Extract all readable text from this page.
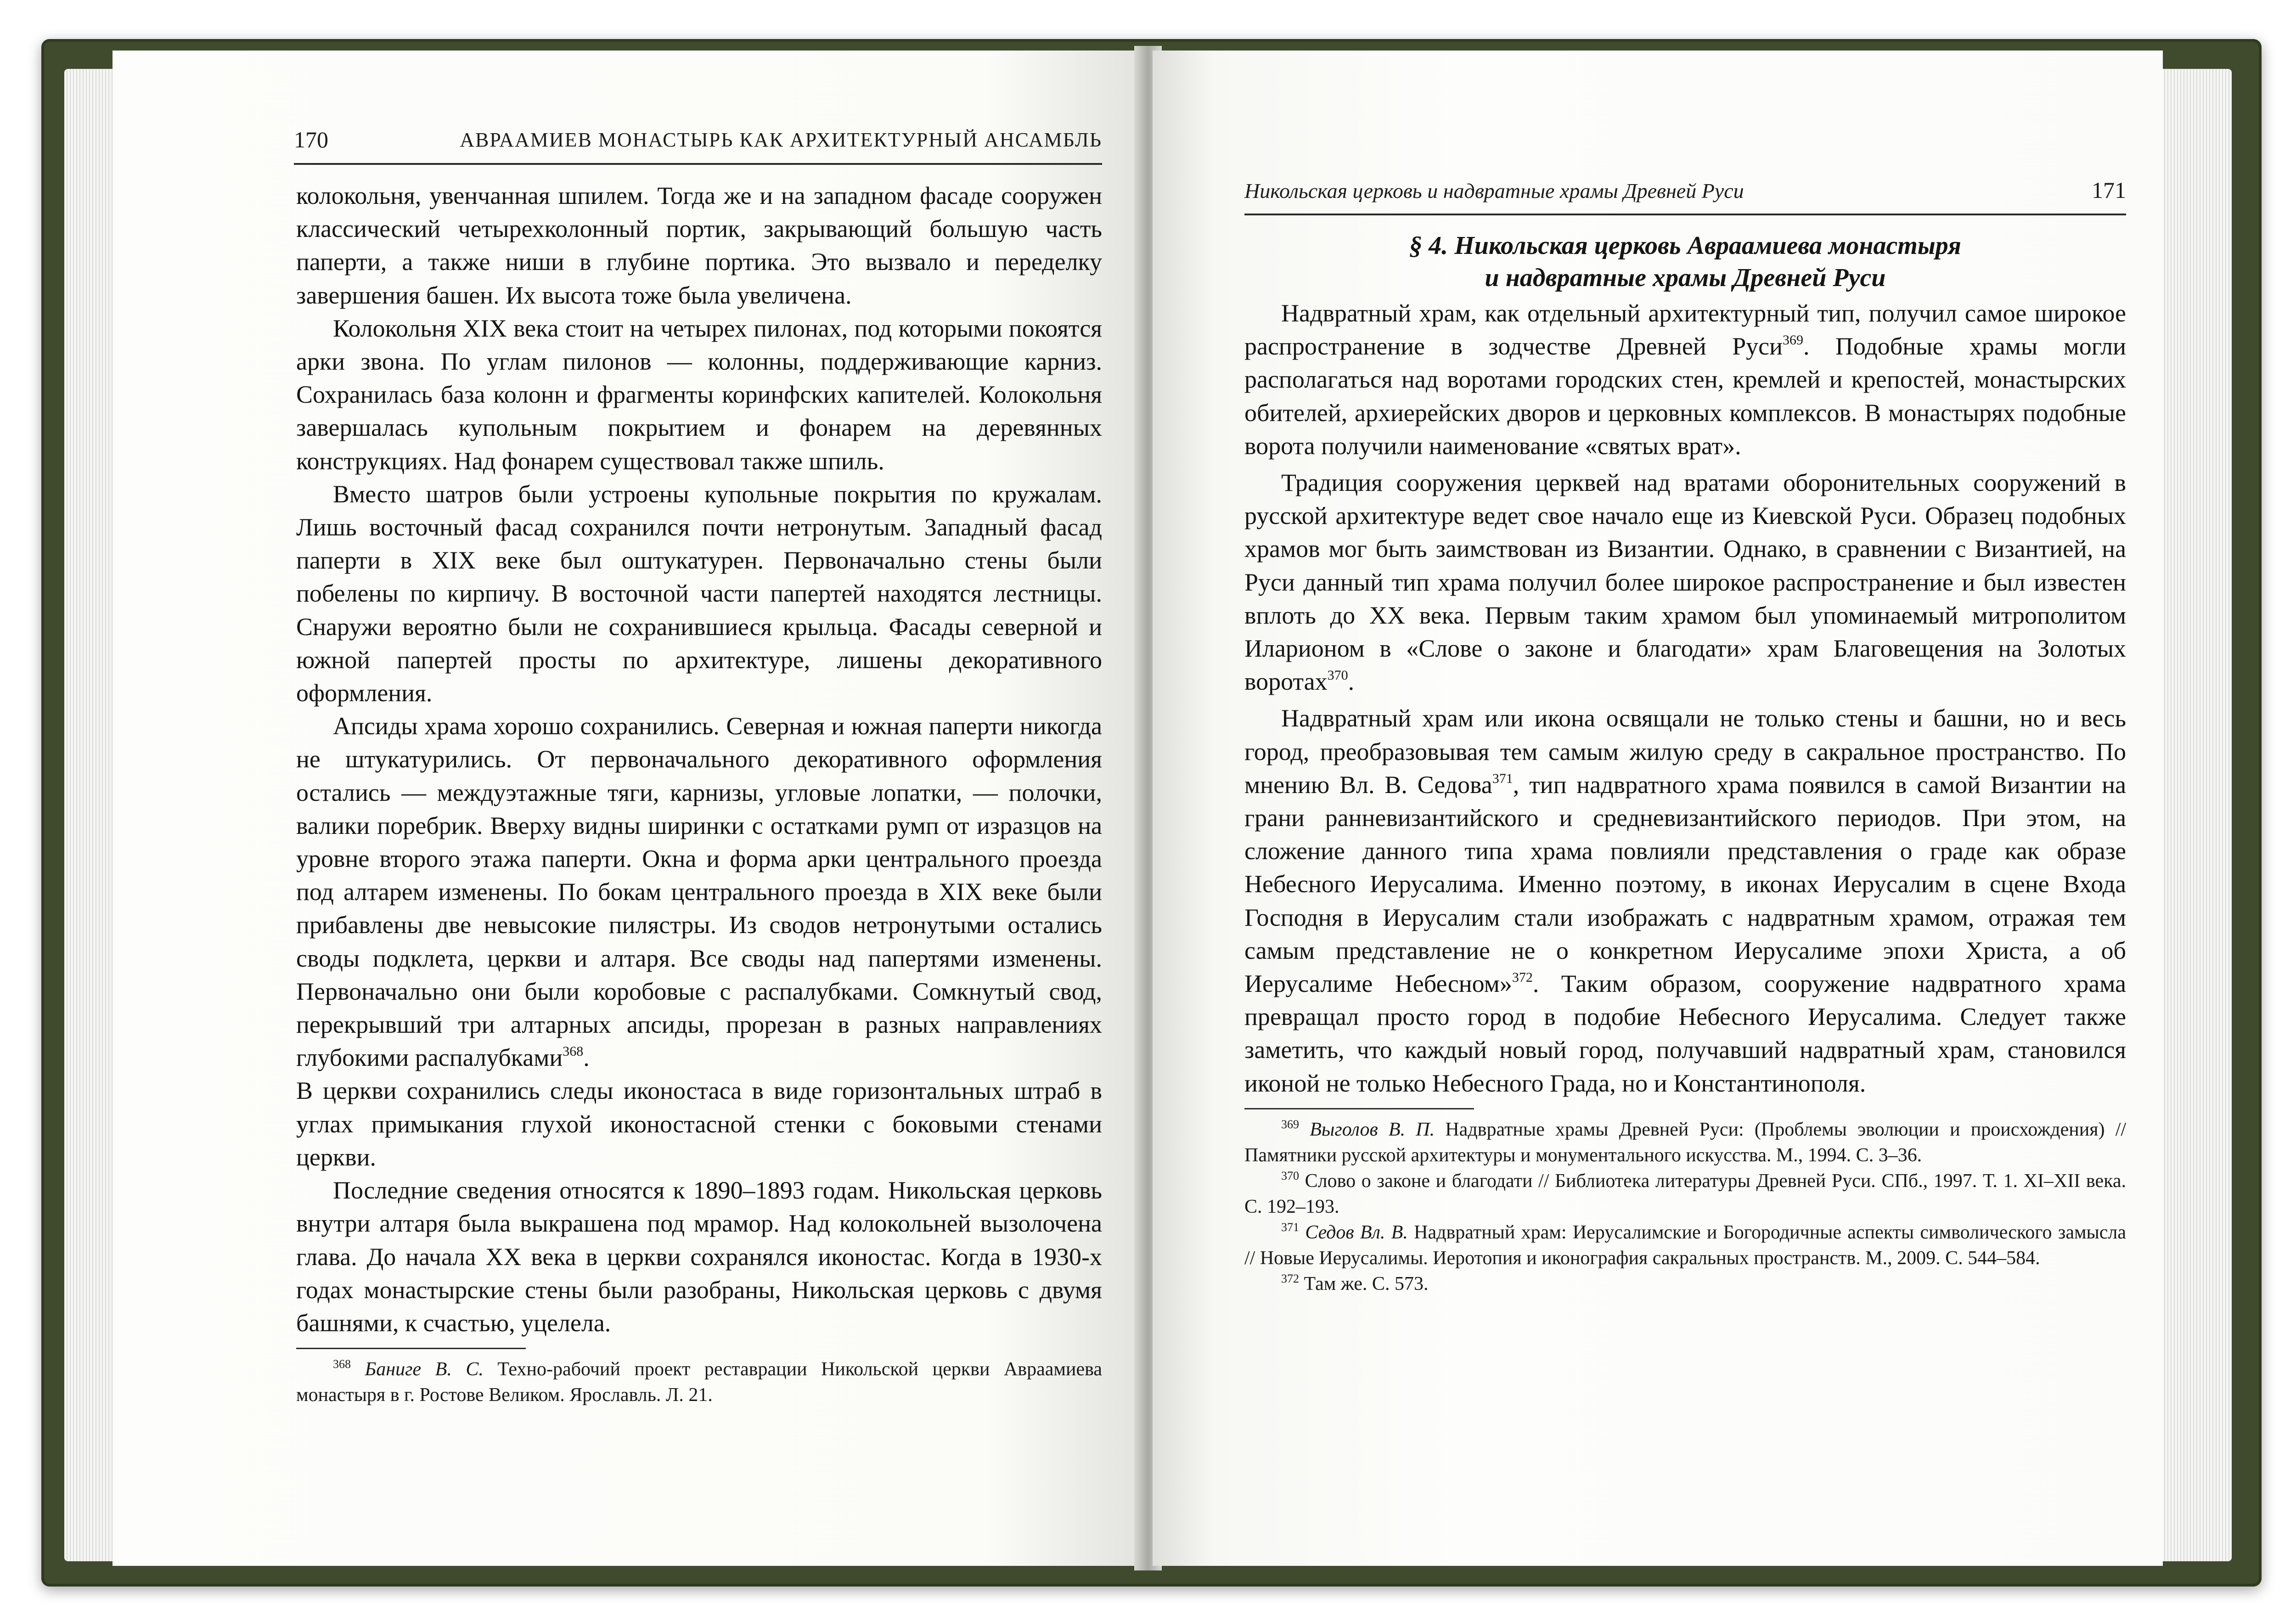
170	АВРААМИЕВ МОНАСТЫРЬ КАК АРХИТЕКТУРНЫЙ АНСАМБЛЬ

колокольня, увенчанная шпилем. Тогда же и на западном фасаде сооружен классический четырехколонный портик, закрывающий большую часть паперти, а также ниши в глубине портика. Это вызвало и переделку завершения башен. Их высота тоже была увеличена.

Колокольня XIX века стоит на четырех пилонах, под которыми покоятся арки звона. По углам пилонов — колонны, поддерживающие карниз. Сохранилась база колонн и фрагменты коринфских капителей. Колокольня завершалась купольным покрытием и фонарем на деревянных конструкциях. Над фонарем существовал также шпиль.

Вместо шатров были устроены купольные покрытия по кружалам. Лишь восточный фасад сохранился почти нетронутым. Западный фасад паперти в XIX веке был оштукатурен. Первоначально стены были побелены по кирпичу. В восточной части папертей находятся лестницы. Снаружи вероятно были не сохранившиеся крыльца. Фасады северной и южной папертей просты по архитектуре, лишены декоративного оформления.

Апсиды храма хорошо сохранились. Северная и южная паперти никогда не штукатурились. От первоначального декоративного оформления остались — междуэтажные тяги, карнизы, угловые лопатки, — полочки, валики поребрик. Вверху видны ширинки с остатками румп от изразцов на уровне второго этажа паперти. Окна и форма арки центрального проезда под алтарем изменены. По бокам центрального проезда в XIX веке были прибавлены две невысокие пилястры. Из сводов нетронутыми остались своды подклета, церкви и алтаря. Все своды над папертями изменены. Первоначально они были коробовые с распалубками. Сомкнутый свод, перекрывший три алтарных апсиды, прорезан в разных направлениях глубокими распалубками$^{368}$.

В церкви сохранились следы иконостаса в виде горизонтальных штраб в углах примыкания глухой иконостасной стенки с боковыми стенами церкви.

Последние сведения относятся к 1890–1893 годам. Никольская церковь внутри алтаря была выкрашена под мрамор. Над колокольней вызолочена глава. До начала XX века в церкви сохранялся иконостас. Когда в 1930-х годах монастырские стены были разобраны, Никольская церковь с двумя башнями, к счастью, уцелела.

$^{368}$ Баниге В. С. Техно-рабочий проект реставрации Никольской церкви Авраамиева монастыря в г. Ростове Великом. Ярославль. Л. 21.

Никольская церковь и надвратные храмы Древней Руси	171
§ 4. Никольская церковь Авраамиева монастыря
и надвратные храмы Древней Руси

Надвратный храм, как отдельный архитектурный тип, получил самое широкое распространение в зодчестве Древней Руси$^{369}$. Подобные храмы могли располагаться над воротами городских стен, кремлей и крепостей, монастырских обителей, архиерейских дворов и церковных комплексов. В монастырях подобные ворота получили наименование «святых врат».

Традиция сооружения церквей над вратами оборонительных сооружений в русской архитектуре ведет свое начало еще из Киевской Руси. Образец подобных храмов мог быть заимствован из Византии. Однако, в сравнении с Византией, на Руси данный тип храма получил более широкое распространение и был известен вплоть до XX века. Первым таким храмом был упоминаемый митрополитом Иларионом в «Слове о законе и благодати» храм Благовещения на Золотых воротах$^{370}$.

Надвратный храм или икона освящали не только стены и башни, но и весь город, преобразовывая тем самым жилую среду в сакральное пространство. По мнению Вл. В. Седова$^{371}$, тип надвратного храма появился в самой Византии на грани ранневизантийского и средневизантийского периодов. При этом, на сложение данного типа храма повлияли представления о граде как образе Небесного Иерусалима. Именно поэтому, в иконах Иерусалим в сцене Входа Господня в Иерусалим стали изображать с надвратным храмом, отражая тем самым представление не о конкретном Иерусалиме эпохи Христа, а об Иерусалиме Небесном»$^{372}$. Таким образом, сооружение надвратного храма превращал просто город в подобие Небесного Иерусалима. Следует также заметить, что каждый новый город, получавший надвратный храм, становился иконой не только Небесного Града, но и Константинополя.

$^{369}$ Выголов В. П. Надвратные храмы Древней Руси: (Проблемы эволюции и происхождения) // Памятники русской архитектуры и монументального искусства. М., 1994. С. 3–36.

$^{370}$ Слово о законе и благодати // Библиотека литературы Древней Руси. СПб., 1997. Т. 1. XI–XII века. С. 192–193.

$^{371}$ Седов Вл. В. Надвратный храм: Иерусалимские и Богородичные аспекты символического замысла // Новые Иерусалимы. Иеротопия и иконография сакральных пространств. М., 2009. С. 544–584.

$^{372}$ Там же. С. 573.
